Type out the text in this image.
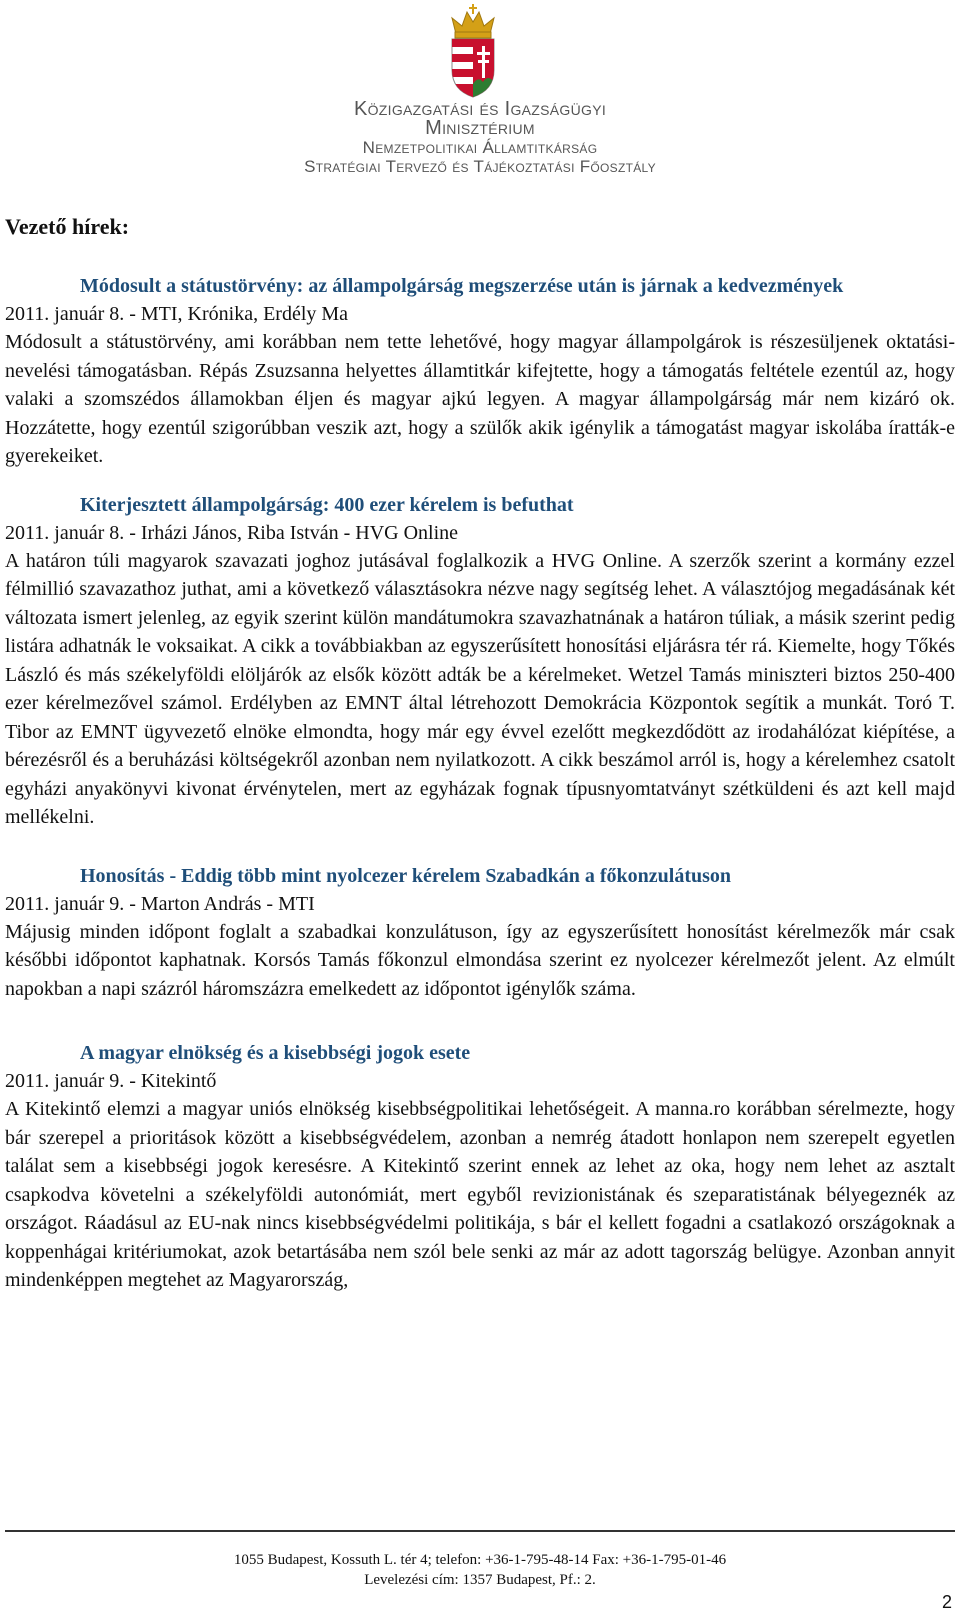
Közigazgatási és Igazságügyi
Minisztérium
Nemzetpolitikai Államtitkárság
Stratégiai Tervező és Tájékoztatási Főosztály
Vezető hírek:

Módosult a státustörvény: az állampolgárság megszerzése után is járnak a kedvezmények

2011. január 8. - MTI, Krónika, Erdély Ma

Módosult a státustörvény, ami korábban nem tette lehetővé, hogy magyar állampolgárok is részesüljenek oktatási-nevelési támogatásban. Répás Zsuzsanna helyettes államtitkár kifejtette, hogy a támogatás feltétele ezentúl az, hogy valaki a szomszédos államokban éljen és magyar ajkú legyen. A magyar állampolgárság már nem kizáró ok. Hozzátette, hogy ezentúl szigorúbban veszik azt, hogy a szülők akik igénylik a támogatást magyar iskolába íratták-e gyerekeiket.

Kiterjesztett állampolgárság: 400 ezer kérelem is befuthat

2011. január 8. - Irházi János, Riba István - HVG Online

A határon túli magyarok szavazati joghoz jutásával foglalkozik a HVG Online. A szerzők szerint a kormány ezzel félmillió szavazathoz juthat, ami a következő választásokra nézve nagy segítség lehet. A választójog megadásának két változata ismert jelenleg, az egyik szerint külön mandátumokra szavazhatnának a határon túliak, a másik szerint pedig listára adhatnák le voksaikat. A cikk a továbbiakban az egyszerűsített honosítási eljárásra tér rá. Kiemelte, hogy Tőkés László és más székelyföldi elöljárók az elsők között adták be a kérelmeket. Wetzel Tamás miniszteri biztos 250-400 ezer kérelmezővel számol. Erdélyben az EMNT által létrehozott Demokrácia Központok segítik a munkát. Toró T. Tibor az EMNT ügyvezető elnöke elmondta, hogy már egy évvel ezelőtt megkezdődött az irodahálózat kiépítése, a bérezésről és a beruházási költségekről azonban nem nyilatkozott. A cikk beszámol arról is, hogy a kérelemhez csatolt egyházi anyakönyvi kivonat érvénytelen, mert az egyházak fognak típusnyomtatványt szétküldeni és azt kell majd mellékelni.

Honosítás - Eddig több mint nyolcezer kérelem Szabadkán a főkonzulátuson

2011. január 9. - Marton András - MTI

Májusig minden időpont foglalt a szabadkai konzulátuson, így az egyszerűsített honosítást kérelmezők már csak későbbi időpontot kaphatnak. Korsós Tamás főkonzul elmondása szerint ez nyolcezer kérelmezőt jelent. Az elmúlt napokban a napi százról háromszázra emelkedett az időpontot igénylők száma.

A magyar elnökség és a kisebbségi jogok esete

2011. január 9. - Kitekintő

A Kitekintő elemzi a magyar uniós elnökség kisebbségpolitikai lehetőségeit. A manna.ro korábban sérelmezte, hogy bár szerepel a prioritások között a kisebbségvédelem, azonban a nemrég átadott honlapon nem szerepelt egyetlen találat sem a kisebbségi jogok keresésre. A Kitekintő szerint ennek az lehet az oka, hogy nem lehet az asztalt csapkodva követelni a székelyföldi autonómiát, mert egyből revizionistának és szeparatistának bélyegeznék az országot. Ráadásul az EU-nak nincs kisebbségvédelmi politikája, s bár el kellett fogadni a csatlakozó országoknak a koppenhágai kritériumokat, azok betartásába nem szól bele senki az már az adott tagország belügye. Azonban annyit mindenképpen megtehet az Magyarország,

1055 Budapest, Kossuth L. tér 4; telefon: +36-1-795-48-14 Fax: +36-1-795-01-46
Levelezési cím: 1357 Budapest, Pf.: 2.
2
